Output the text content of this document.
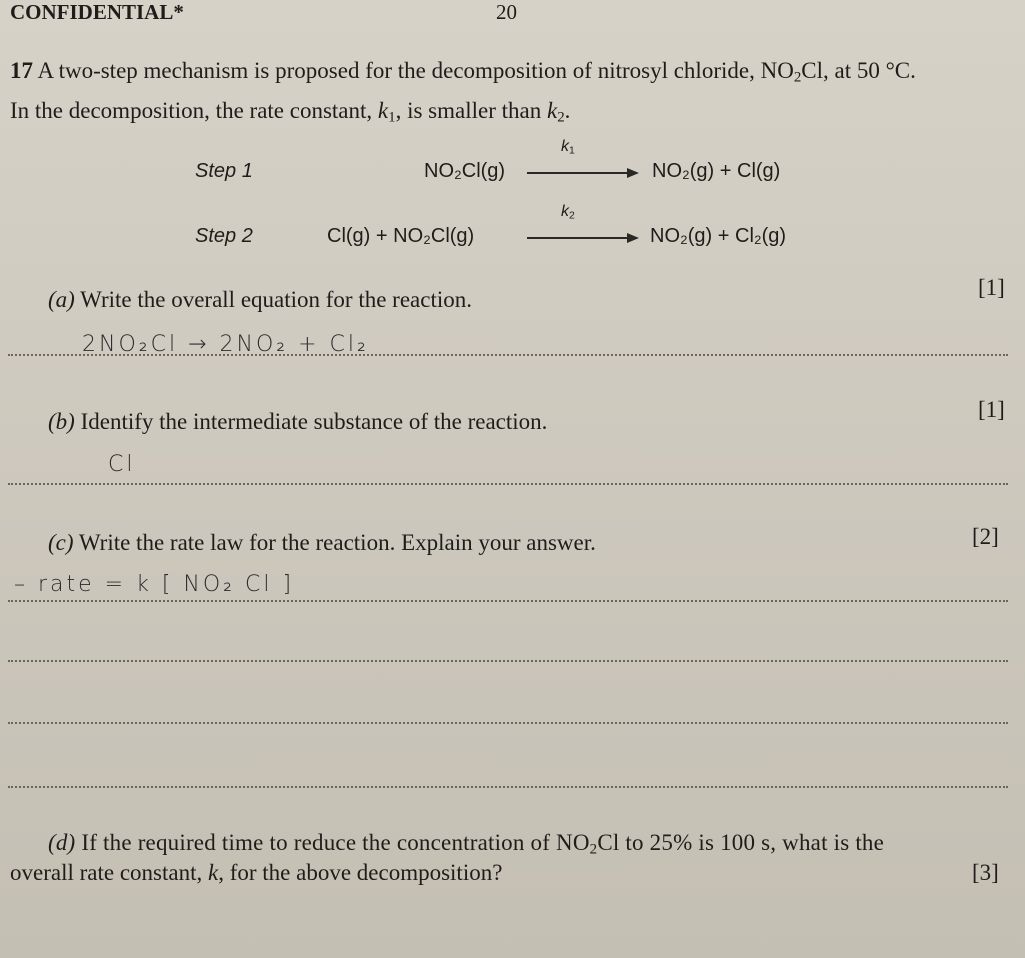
CONFIDENTIAL*	20
17 A two-step mechanism is proposed for the decomposition of nitrosyl chloride, $NO_2Cl$, at 50 °C.
In the decomposition, the rate constant, $k_1$, is smaller than $k_2$.
Step 1	NO₂Cl(g)
$k_1$
NO₂(g) + Cl(g)
Step 2	Cl(g) + NO₂Cl(g)
$k_2$
NO₂(g) + Cl₂(g)
(a) Write the overall equation for the reaction.	[1]
2NO₂Cl → 2NO₂ + Cl₂
(b) Identify the intermediate substance of the reaction.	[1]
Cl
(c) Write the rate law for the reaction. Explain your answer.	[2]
– rate = k [ NO₂ Cl ]
(d) If the required time to reduce the concentration of $NO_2Cl$ to 25% is 100 s, what is the
overall rate constant, k, for the above decomposition?	[3]
